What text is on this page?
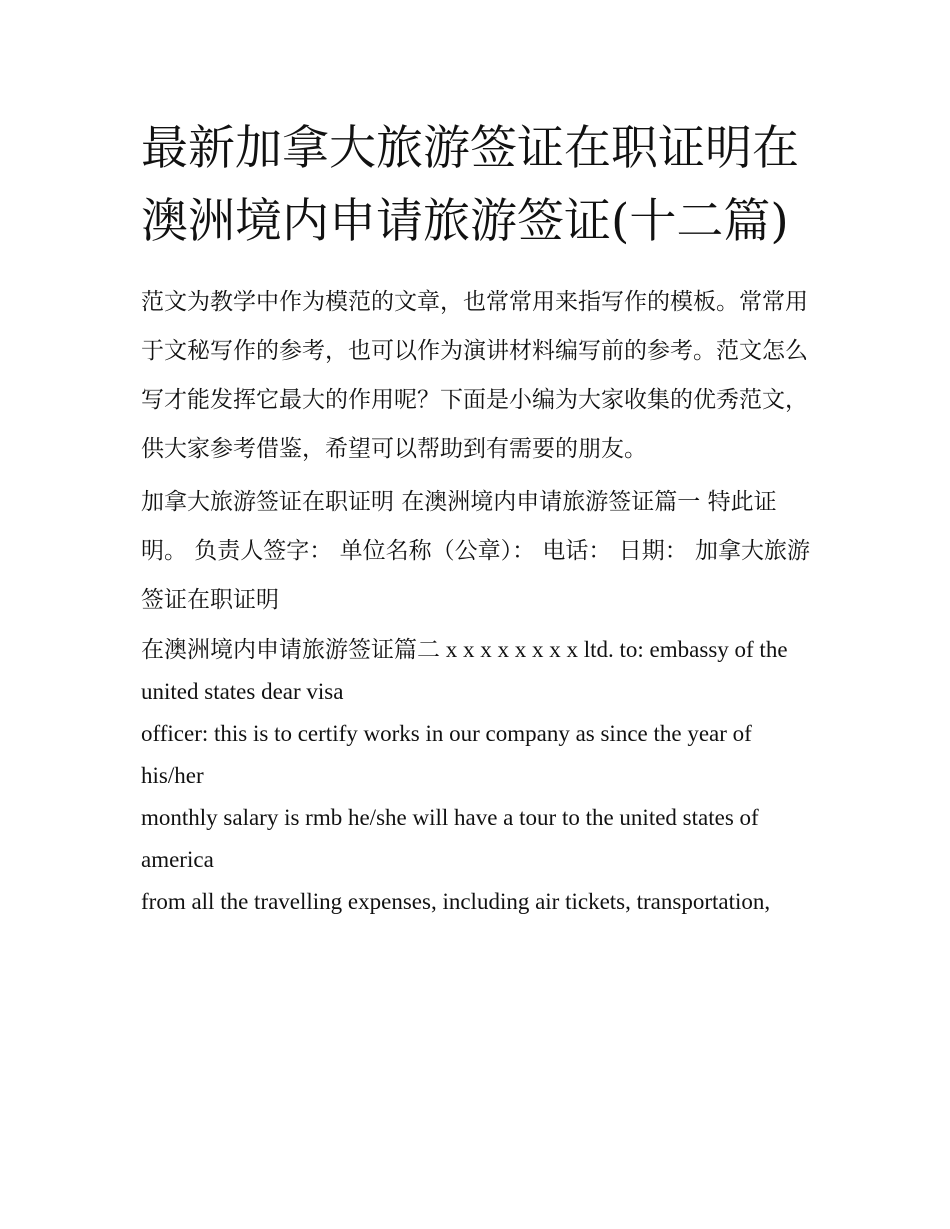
最新加拿大旅游签证在职证明在澳洲境内申请旅游签证(十二篇)

范文为教学中作为模范的文章，也常常用来指写作的模板。常常用于文秘写作的参考，也可以作为演讲材料编写前的参考。范文怎么写才能发挥它最大的作用呢？下面是小编为大家收集的优秀范文，供大家参考借鉴，希望可以帮助到有需要的朋友。

加拿大旅游签证在职证明 在澳洲境内申请旅游签证篇一 特此证明。 负责人签字： 单位名称（公章）： 电话： 日期： 加拿大旅游签证在职证明

在澳洲境内申请旅游签证篇二 x x x x x x x x ltd. to: embassy of the united states dear visa

officer: this is to certify works in our company as since the year of his/her

monthly salary is rmb he/she will have a tour to the united states of america

from all the travelling expenses, including air tickets, transportation,
